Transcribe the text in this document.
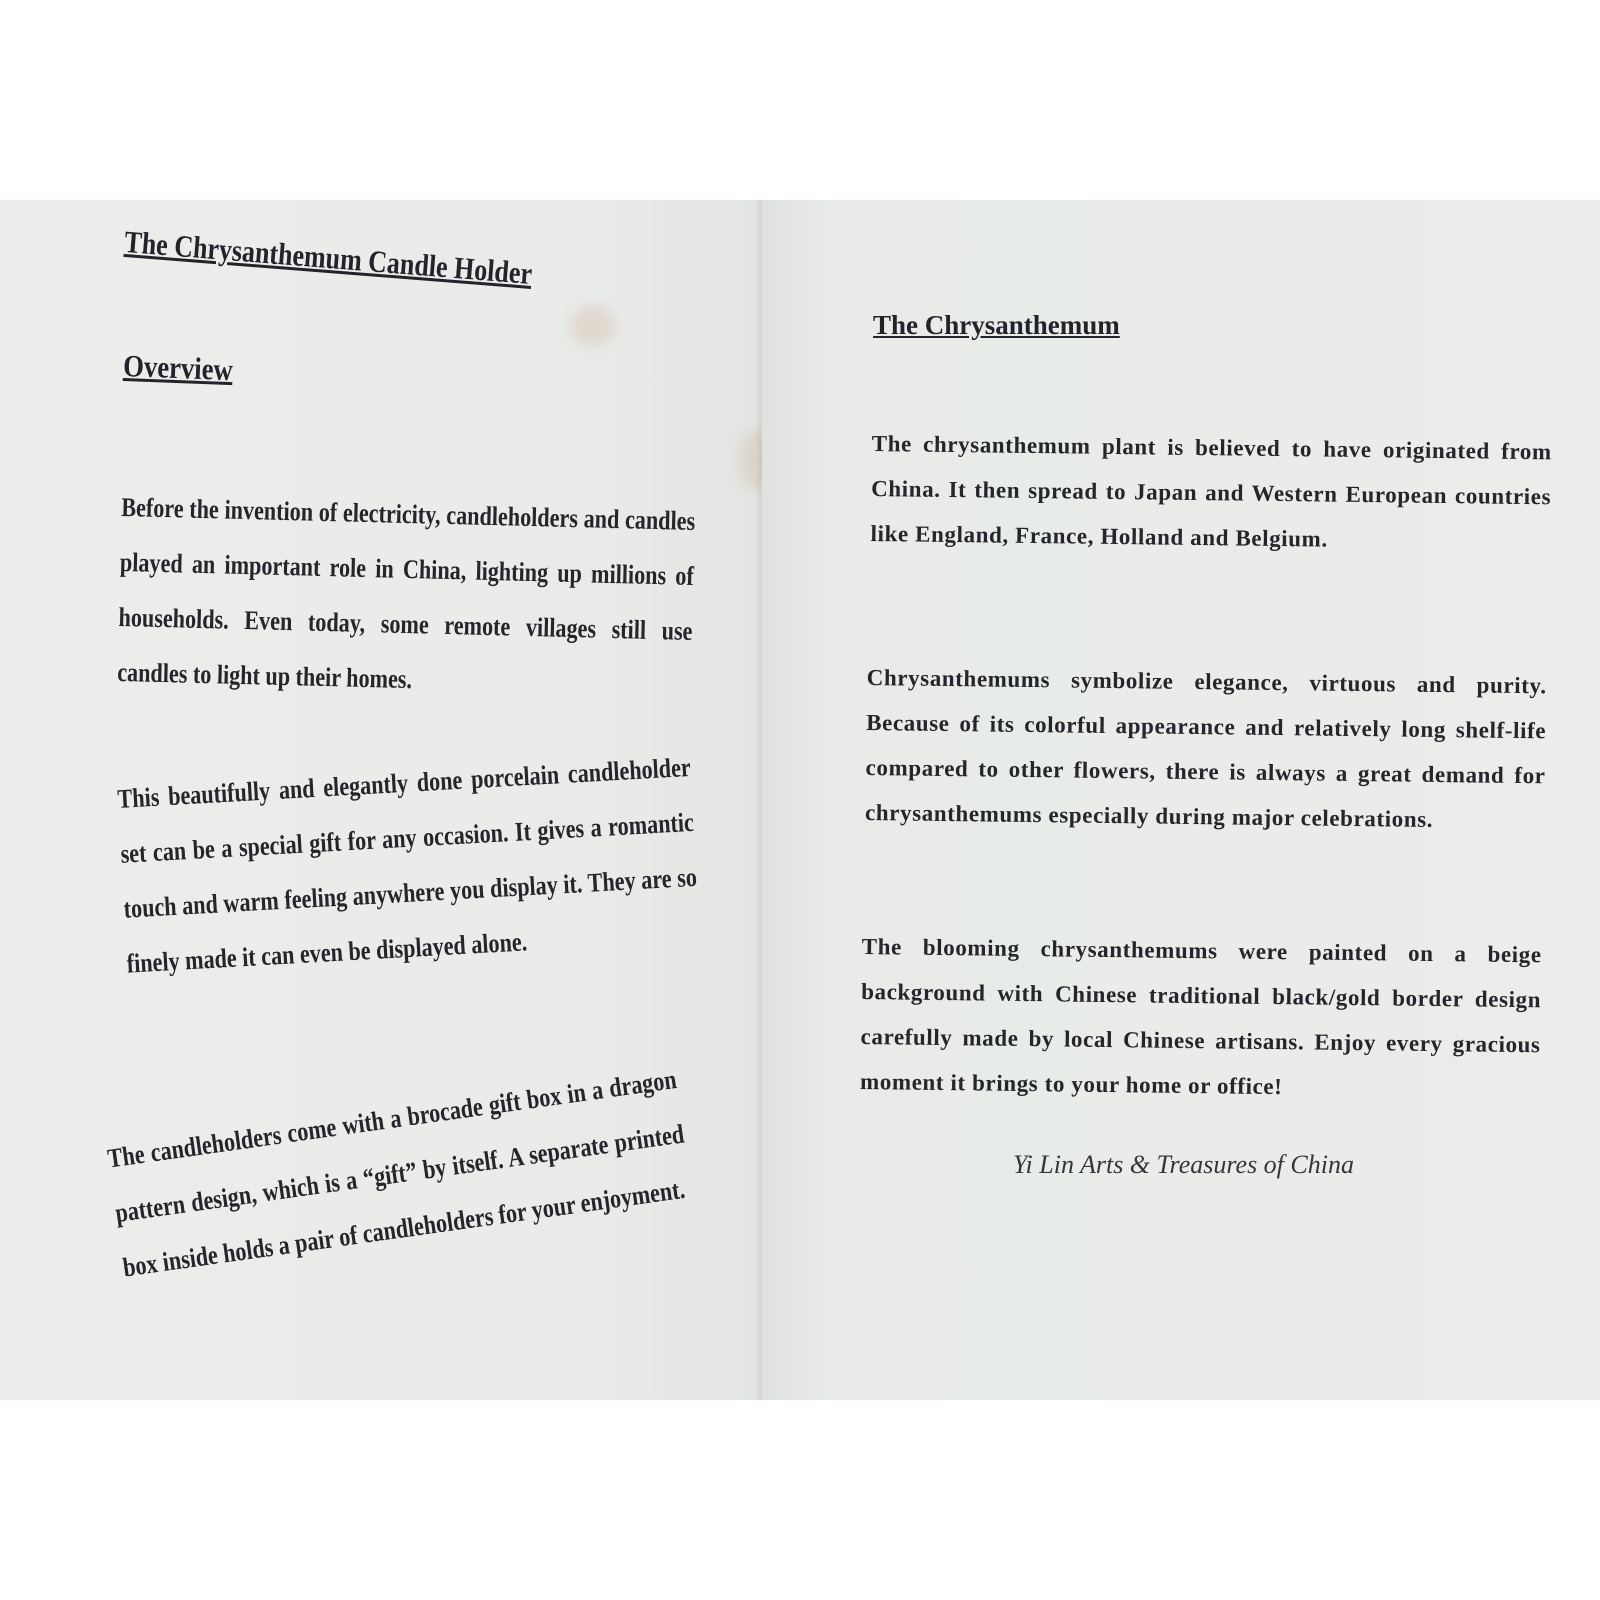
The Chrysanthemum Candle Holder
Overview

Before the invention of electricity, candleholders and candles played an important role in China, lighting up millions of households. Even today, some remote villages still use candles to light up their homes.

This beautifully and elegantly done porcelain candleholder set can be a special gift for any occasion. It gives a romantic touch and warm feeling anywhere you display it. They are so finely made it can even be displayed alone.

The candleholders come with a brocade gift box in a dragon pattern design, which is a “gift” by itself. A separate printed box inside holds a pair of candleholders for your enjoyment.

The Chrysanthemum

The chrysanthemum plant is believed to have originated from China. It then spread to Japan and Western European countries like England, France, Holland and Belgium.

Chrysanthemums symbolize elegance, virtuous and purity. Because of its colorful appearance and relatively long shelf-life compared to other flowers, there is always a great demand for chrysanthemums especially during major celebrations.

The blooming chrysanthemums were painted on a beige background with Chinese traditional black/gold border design carefully made by local Chinese artisans. Enjoy every gracious moment it brings to your home or office!

Yi Lin Arts & Treasures of China
